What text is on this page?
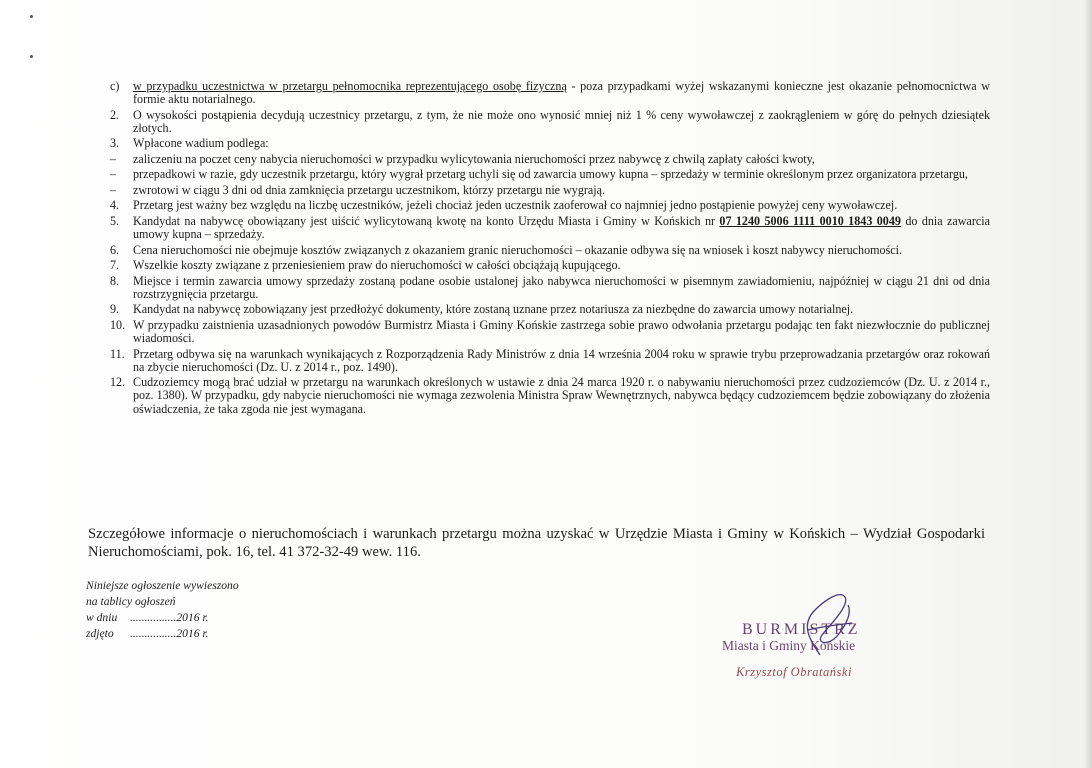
c)	w przypadku uczestnictwa w przetargu pełnomocnika reprezentującego osobę fizyczną - poza przypadkami wyżej wskazanymi konieczne jest okazanie pełnomocnictwa w formie aktu notarialnego.
2.	O wysokości postąpienia decydują uczestnicy przetargu, z tym, że nie może ono wynosić mniej niż 1 % ceny wywoławczej z zaokrągleniem w górę do pełnych dziesiątek złotych.
3.	Wpłacone wadium podlega:
–	zaliczeniu na poczet ceny nabycia nieruchomości w przypadku wylicytowania nieruchomości przez nabywcę z chwilą zapłaty całości kwoty,
–	przepadkowi w razie, gdy uczestnik przetargu, który wygrał przetarg uchyli się od zawarcia umowy kupna – sprzedaży w terminie określonym przez organizatora przetargu,
–	zwrotowi w ciągu 3 dni od dnia zamknięcia przetargu uczestnikom, którzy przetargu nie wygrają.
4.	Przetarg jest ważny bez względu na liczbę uczestników, jeżeli chociaż jeden uczestnik zaoferował co najmniej jedno postąpienie powyżej ceny wywoławczej.
5.	Kandydat na nabywcę obowiązany jest uiścić wylicytowaną kwotę na konto Urzędu Miasta i Gminy w Końskich nr 07 1240 5006 1111 0010 1843 0049 do dnia zawarcia umowy kupna – sprzedaży.
6.	Cena nieruchomości nie obejmuje kosztów związanych z okazaniem granic nieruchomości – okazanie odbywa się na wniosek i koszt nabywcy nieruchomości.
7.	Wszelkie koszty związane z przeniesieniem praw do nieruchomości w całości obciążają kupującego.
8.	Miejsce i termin zawarcia umowy sprzedaży zostaną podane osobie ustalonej jako nabywca nieruchomości w pisemnym zawiadomieniu, najpóźniej w ciągu 21 dni od dnia rozstrzygnięcia przetargu.
9.	Kandydat na nabywcę zobowiązany jest przedłożyć dokumenty, które zostaną uznane przez notariusza za niezbędne do zawarcia umowy notarialnej.
10. W przypadku zaistnienia uzasadnionych powodów Burmistrz Miasta i Gminy Końskie zastrzega sobie prawo odwołania przetargu podając ten fakt niezwłocznie do publicznej wiadomości.
11. Przetarg odbywa się na warunkach wynikających z Rozporządzenia Rady Ministrów z dnia 14 września 2004 roku w sprawie trybu przeprowadzania przetargów oraz rokowań na zbycie nieruchomości (Dz. U. z 2014 r., poz. 1490).
12. Cudzoziemcy mogą brać udział w przetargu na warunkach określonych w ustawie z dnia 24 marca 1920 r. o nabywaniu nieruchomości przez cudzoziemców (Dz. U. z 2014 r., poz. 1380). W przypadku, gdy nabycie nieruchomości nie wymaga zezwolenia Ministra Spraw Wewnętrznych, nabywca będący cudzoziemcem będzie zobowiązany do złożenia oświadczenia, że taka zgoda nie jest wymagana.
Szczegółowe informacje o nieruchomościach i warunkach przetargu można uzyskać w Urzędzie Miasta i Gminy w Końskich – Wydział Gospodarki Nieruchomościami, pok. 16, tel. 41 372-32-49 wew. 116.
Niniejsze ogłoszenie wywieszono
na tablicy ogłoszeń
w dniu ................2016 r.
zdjęto ................2016 r.	BURMISTRZ
Miasta i Gminy Końskie
Krzysztof Obratański
